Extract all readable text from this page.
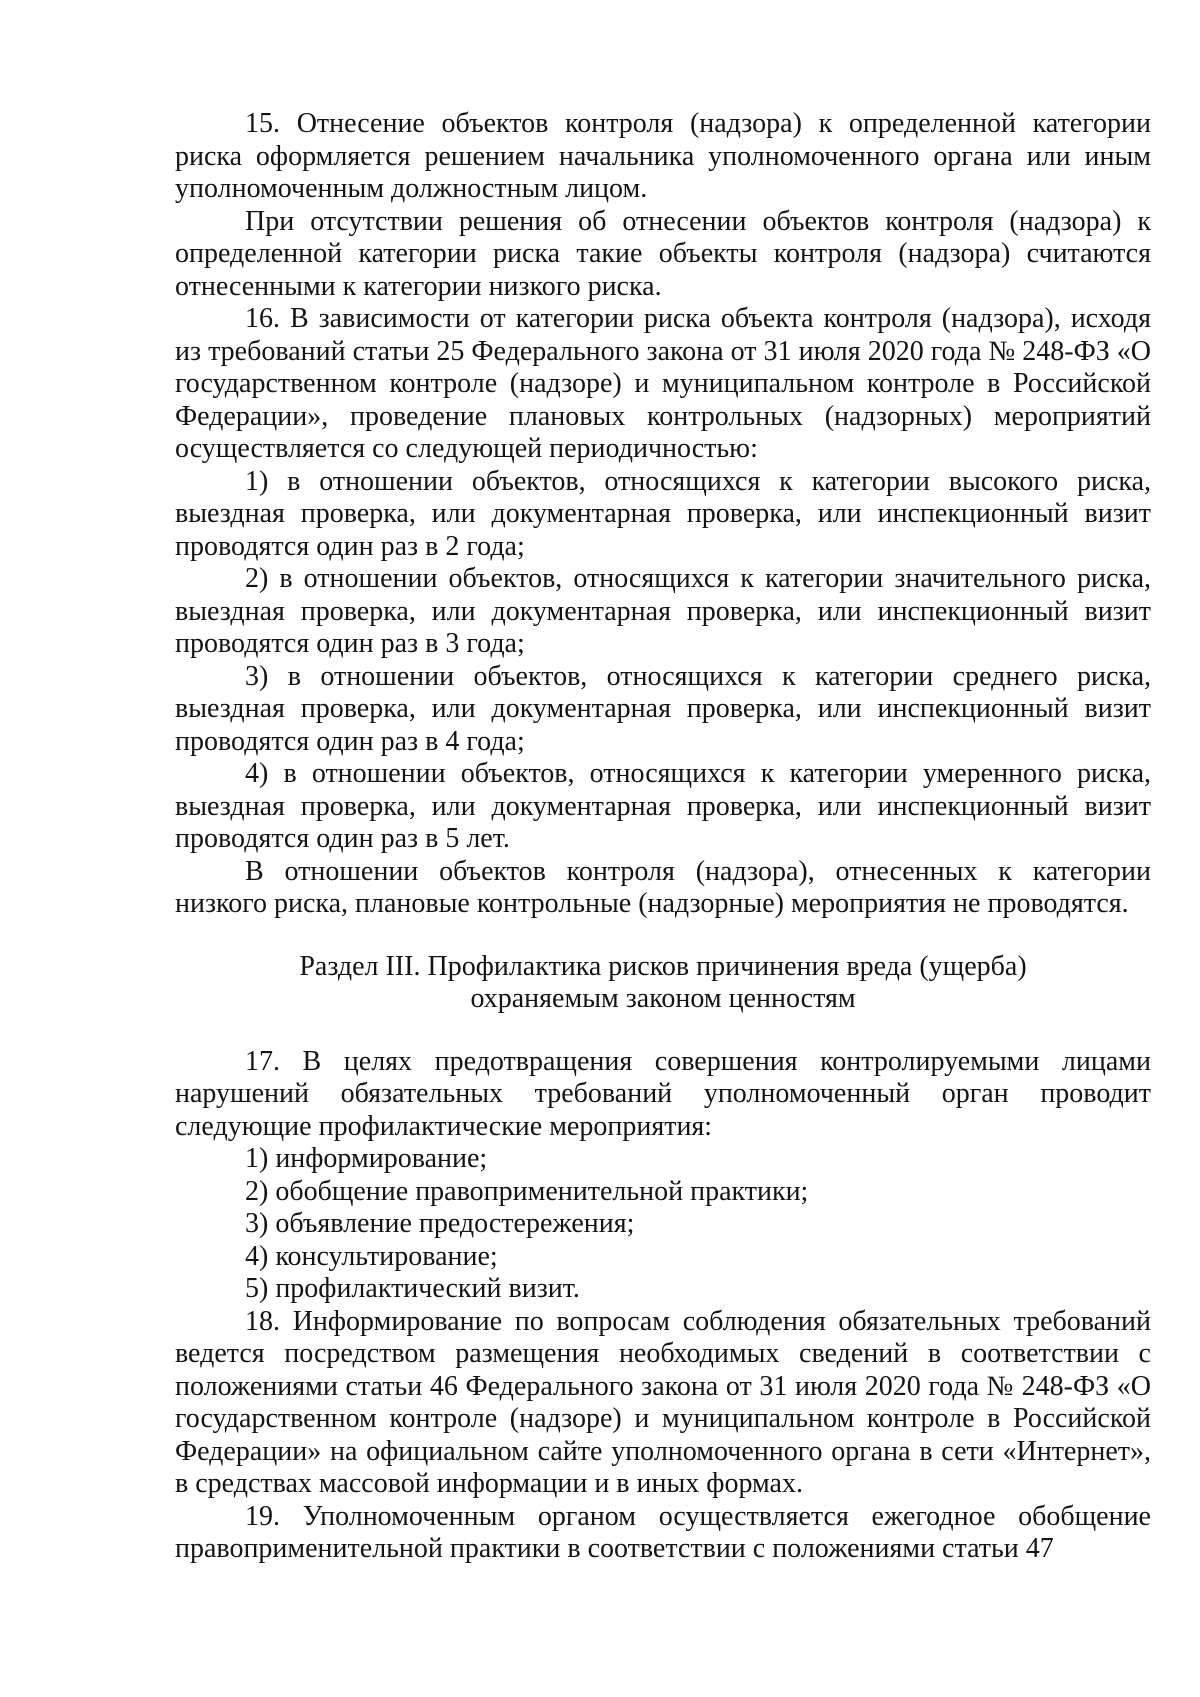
15. Отнесение объектов контроля (надзора) к определенной категории риска оформляется решением начальника уполномоченного органа или иным уполномоченным должностным лицом.

При отсутствии решения об отнесении объектов контроля (надзора) к определенной категории риска такие объекты контроля (надзора) считаются отнесенными к категории низкого риска.

16. В зависимости от категории риска объекта контроля (надзора), исходя из требований статьи 25 Федерального закона от 31 июля 2020 года № 248-ФЗ «О государственном контроле (надзоре) и муниципальном контроле в Российской Федерации», проведение плановых контрольных (надзорных) мероприятий осуществляется со следующей периодичностью:

1) в отношении объектов, относящихся к категории высокого риска, выездная проверка, или документарная проверка, или инспекционный визит проводятся один раз в 2 года;

2) в отношении объектов, относящихся к категории значительного риска, выездная проверка, или документарная проверка, или инспекционный визит проводятся один раз в 3 года;

3) в отношении объектов, относящихся к категории среднего риска, выездная проверка, или документарная проверка, или инспекционный визит проводятся один раз в 4 года;

4) в отношении объектов, относящихся к категории умеренного риска, выездная проверка, или документарная проверка, или инспекционный визит проводятся один раз в 5 лет.

В отношении объектов контроля (надзора), отнесенных к категории низкого риска, плановые контрольные (надзорные) мероприятия не проводятся.

Раздел III. Профилактика рисков причинения вреда (ущерба)

охраняемым законом ценностям

17. В целях предотвращения совершения контролируемыми лицами нарушений обязательных требований уполномоченный орган проводит следующие профилактические мероприятия:

1) информирование;

2) обобщение правоприменительной практики;

3) объявление предостережения;

4) консультирование;

5) профилактический визит.

18. Информирование по вопросам соблюдения обязательных требований ведется посредством размещения необходимых сведений в соответствии с положениями статьи 46 Федерального закона от 31 июля 2020 года № 248-ФЗ «О государственном контроле (надзоре) и муниципальном контроле в Российской Федерации» на официальном сайте уполномоченного органа в сети «Интернет», в средствах массовой информации и в иных формах.

19. Уполномоченным органом осуществляется ежегодное обобщение правоприменительной практики в соответствии с положениями статьи 47
